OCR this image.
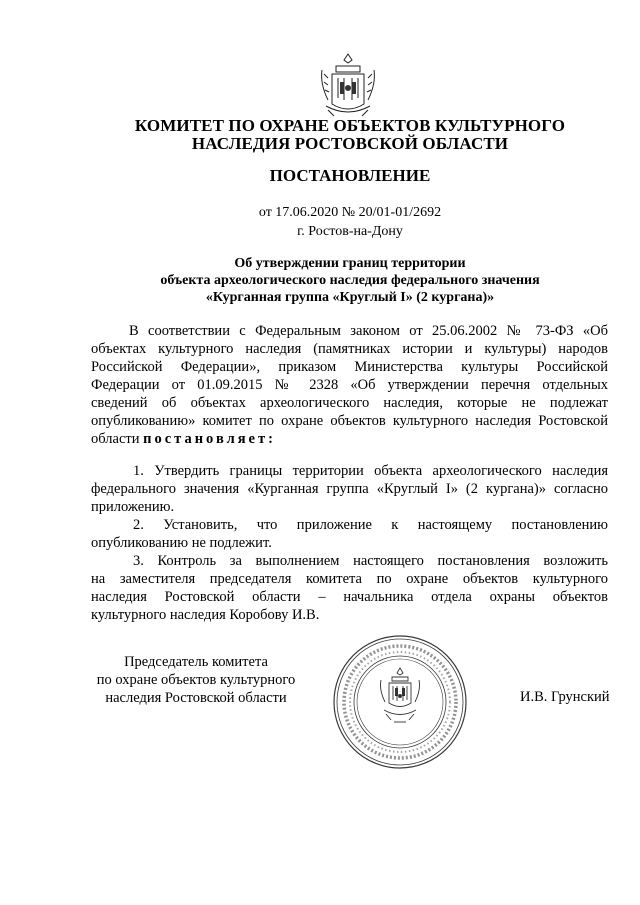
КОМИТЕТ ПО ОХРАНЕ ОБЪЕКТОВ КУЛЬТУРНОГО
НАСЛЕДИЯ РОСТОВСКОЙ ОБЛАСТИ
ПОСТАНОВЛЕНИЕ
от 17.06.2020 № 20/01-01/2692
г. Ростов-на-Дону
Об утверждении границ территории
объекта археологического наследия федерального значения
«Курганная группа «Круглый I» (2 кургана)»
В соответствии с Федеральным законом от 25.06.2002 № 73-ФЗ «Об
объектах культурного наследия (памятниках истории и культуры) народов
Российской Федерации», приказом Министерства культуры Российской
Федерации от 01.09.2015 № 2328 «Об утверждении перечня отдельных
сведений об объектах археологического наследия, которые не подлежат
опубликованию» комитет по охране объектов культурного наследия Ростовской
области постановляет:
1. Утвердить границы территории объекта археологического наследия
федерального значения «Курганная группа «Круглый I» (2 кургана)» согласно
приложению.
2. Установить, что приложение к настоящему постановлению
опубликованию не подлежит.
3. Контроль за выполнением настоящего постановления возложить
на заместителя председателя комитета по охране объектов культурного
наследия Ростовской области – начальника отдела охраны объектов
культурного наследия Коробову И.В.
Председатель комитета
по охране объектов культурного
наследия Ростовской области	И.В. Грунский
